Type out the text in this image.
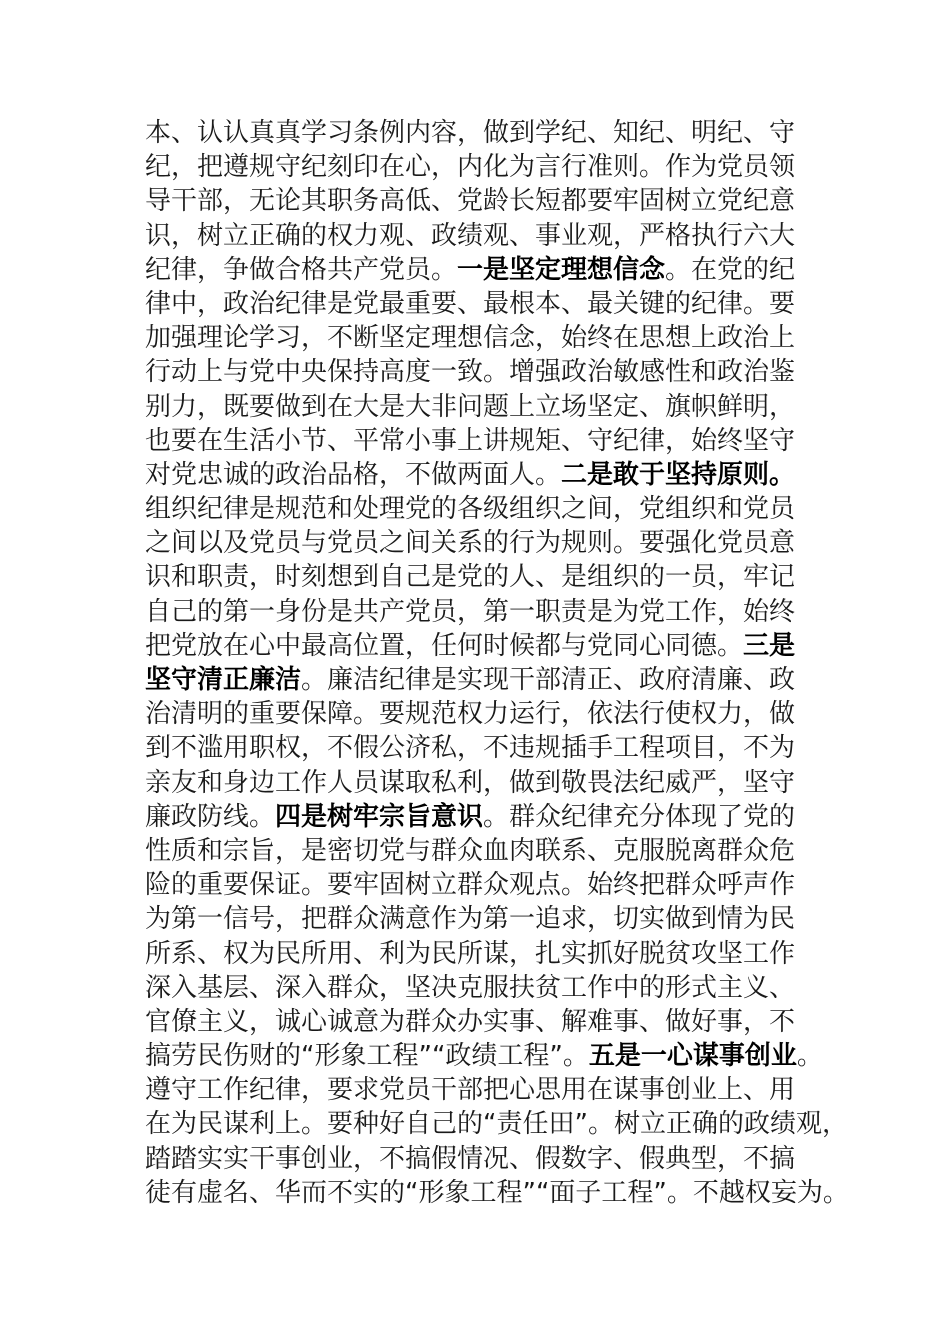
本、认认真真学习条例内容，做到学纪、知纪、明纪、守
纪，把遵规守纪刻印在心，内化为言行准则。作为党员领
导干部，无论其职务高低、党龄长短都要牢固树立党纪意
识，树立正确的权力观、政绩观、事业观，严格执行六大
纪律，争做合格共产党员。一是坚定理想信念。在党的纪
律中，政治纪律是党最重要、最根本、最关键的纪律。要
加强理论学习，不断坚定理想信念，始终在思想上政治上
行动上与党中央保持高度一致。增强政治敏感性和政治鉴
别力，既要做到在大是大非问题上立场坚定、旗帜鲜明，
也要在生活小节、平常小事上讲规矩、守纪律，始终坚守
对党忠诚的政治品格，不做两面人。二是敢于坚持原则。
组织纪律是规范和处理党的各级组织之间，党组织和党员
之间以及党员与党员之间关系的行为规则。要强化党员意
识和职责，时刻想到自己是党的人、是组织的一员，牢记
自己的第一身份是共产党员，第一职责是为党工作，始终
把党放在心中最高位置，任何时候都与党同心同德。三是
坚守清正廉洁。廉洁纪律是实现干部清正、政府清廉、政
治清明的重要保障。要规范权力运行，依法行使权力，做
到不滥用职权，不假公济私，不违规插手工程项目，不为
亲友和身边工作人员谋取私利，做到敬畏法纪威严，坚守
廉政防线。四是树牢宗旨意识。群众纪律充分体现了党的
性质和宗旨，是密切党与群众血肉联系、克服脱离群众危
险的重要保证。要牢固树立群众观点。始终把群众呼声作
为第一信号，把群众满意作为第一追求，切实做到情为民
所系、权为民所用、利为民所谋，扎实抓好脱贫攻坚工作
深入基层、深入群众，坚决克服扶贫工作中的形式主义、
官僚主义，诚心诚意为群众办实事、解难事、做好事，不
搞劳民伤财的“形象工程”“政绩工程”。五是一心谋事创业。
遵守工作纪律，要求党员干部把心思用在谋事创业上、用
在为民谋利上。要种好自己的“责任田”。树立正确的政绩观，
踏踏实实干事创业，不搞假情况、假数字、假典型，不搞
徒有虚名、华而不实的“形象工程”“面子工程”。不越权妄为。
